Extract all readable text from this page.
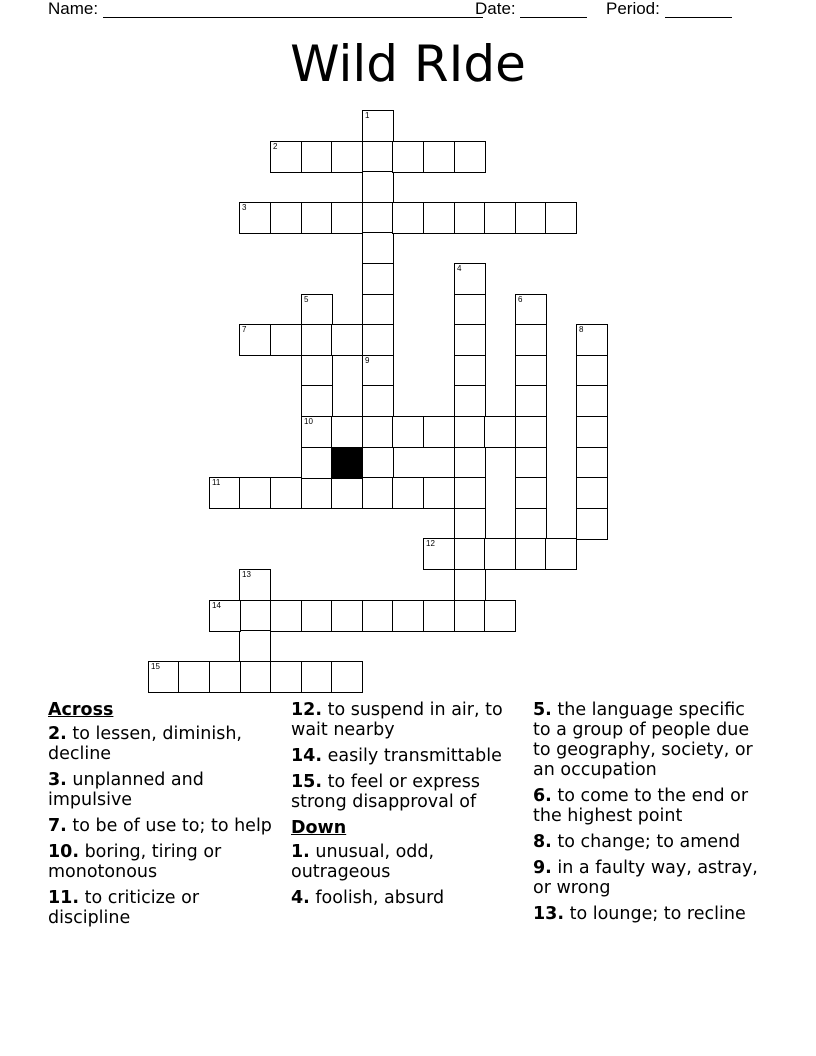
Name:	Date:	Period:
Wild RIde
1
2
3
4
5	6
7	8
9
10
11
12
13
14
15
Across
2. to lessen, diminish, decline
3. unplanned and impulsive
7. to be of use to; to help
10. boring, tiring or monotonous
11. to criticize or discipline
12. to suspend in air, to wait nearby
14. easily transmittable
15. to feel or express strong disapproval of
Down
1. unusual, odd, outrageous
4. foolish, absurd
5. the language specific to a group of people due to geography, society, or an occupation
6. to come to the end or the highest point
8. to change; to amend
9. in a faulty way, astray, or wrong
13. to lounge; to recline
